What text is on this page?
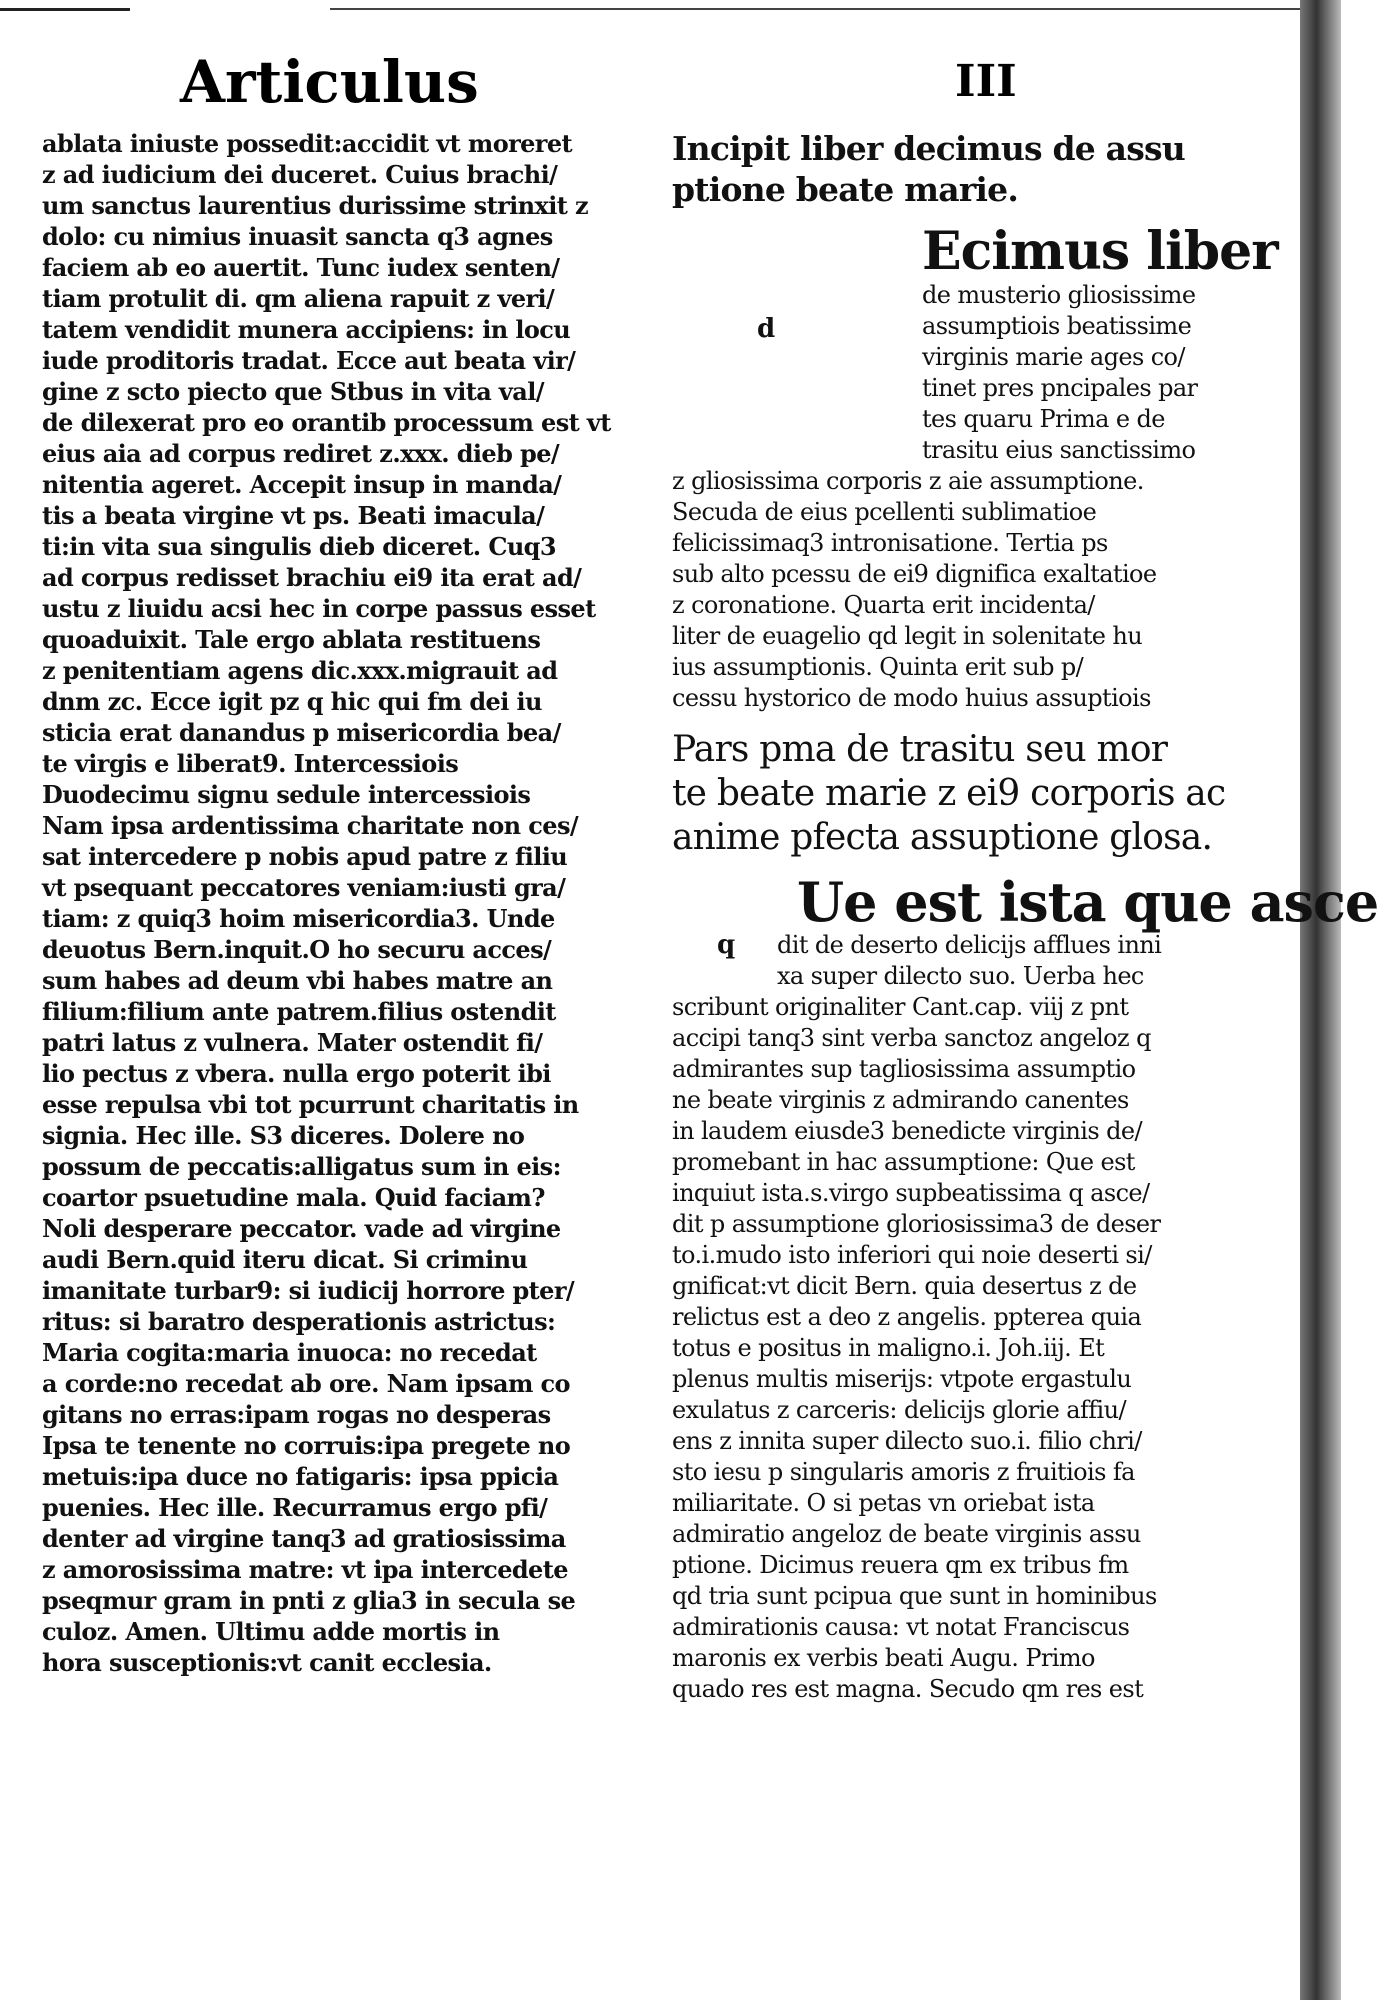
Articulus	III
ablata iniuste possedit:accidit vt moreret
z ad iudicium dei duceret. Cuius brachi/
um sanctus laurentius durissime strinxit z
dolo: cu nimius inuasit sancta q3 agnes
faciem ab eo auertit. Tunc iudex senten/
tiam protulit di. qm aliena rapuit z veri/
tatem vendidit munera accipiens: in locu
iude proditoris tradat. Ecce aut beata vir/
gine z scto piecto que Stbus in vita val/
de dilexerat pro eo orantib processum est vt
eius aia ad corpus rediret z.xxx. dieb pe/
nitentia ageret. Accepit insup in manda/
tis a beata virgine vt ps. Beati imacula/
ti:in vita sua singulis dieb diceret. Cuq3
ad corpus redisset brachiu ei9 ita erat ad/
ustu z liuidu acsi hec in corpe passus esset
quoaduixit. Tale ergo ablata restituens
z penitentiam agens dic.xxx.migrauit ad
dnm zc. Ecce igit pz q hic qui fm dei iu
sticia erat danandus p misericordia bea/
te virgis e liberat9. Intercessiois
Duodecimu signu sedule intercessiois
Nam ipsa ardentissima charitate non ces/
sat intercedere p nobis apud patre z filiu
vt psequant peccatores veniam:iusti gra/
tiam: z quiq3 hoim misericordia3. Unde
deuotus Bern.inquit.O ho securu acces/
sum habes ad deum vbi habes matre an
filium:filium ante patrem.filius ostendit
patri latus z vulnera. Mater ostendit fi/
lio pectus z vbera. nulla ergo poterit ibi
esse repulsa vbi tot pcurrunt charitatis in
signia. Hec ille. S3 diceres. Dolere no
possum de peccatis:alligatus sum in eis:
coartor psuetudine mala. Quid faciam?
Noli desperare peccator. vade ad virgine
audi Bern.quid iteru dicat. Si criminu
imanitate turbar9: si iudicij horrore pter/
ritus: si baratro desperationis astrictus:
Maria cogita:maria inuoca: no recedat
a corde:no recedat ab ore. Nam ipsam co
gitans no erras:ipam rogas no desperas
Ipsa te tenente no corruis:ipa pregete no
metuis:ipa duce no fatigaris: ipsa ppicia
puenies. Hec ille. Recurramus ergo pfi/
denter ad virgine tanq3 ad gratiosissima
z amorosissima matre: vt ipa intercedete
pseqmur gram in pnti z glia3 in secula se
culoz. Amen. Ultimu adde mortis in
hora susceptionis:vt canit ecclesia.
Incipit liber decimus de assu
ptione beate marie.
Ecimus liber
d
de musterio gliosissime
assumptiois beatissime
virginis marie ages co/
tinet pres pncipales par
tes quaru Prima e de
trasitu eius sanctissimo
z gliosissima corporis z aie assumptione.
Secuda de eius pcellenti sublimatioe
felicissimaq3 intronisatione. Tertia ps
sub alto pcessu de ei9 dignifica exaltatioe
z coronatione. Quarta erit incidenta/
liter de euagelio qd legit in solenitate hu
ius assumptionis. Quinta erit sub p/
cessu hystorico de modo huius assuptiois
Pars pma de trasitu seu mor
te beate marie z ei9 corporis ac
anime pfecta assuptione glosa.
Ue est ista que asce
q	dit de deserto delicijs afflues inni
xa super dilecto suo. Uerba hec
scribunt originaliter Cant.cap. viij z pnt
accipi tanq3 sint verba sanctoz angeloz q
admirantes sup tagliosissima assumptio
ne beate virginis z admirando canentes
in laudem eiusde3 benedicte virginis de/
promebant in hac assumptione: Que est
inquiut ista.s.virgo supbeatissima q asce/
dit p assumptione gloriosissima3 de deser
to.i.mudo isto inferiori qui noie deserti si/
gnificat:vt dicit Bern. quia desertus z de
relictus est a deo z angelis. ppterea quia
totus e positus in maligno.i. Joh.iij. Et
plenus multis miserijs: vtpote ergastulu
exulatus z carceris: delicijs glorie affiu/
ens z innita super dilecto suo.i. filio chri/
sto iesu p singularis amoris z fruitiois fa
miliaritate. O si petas vn oriebat ista
admiratio angeloz de beate virginis assu
ptione. Dicimus reuera qm ex tribus fm
qd tria sunt pcipua que sunt in hominibus
admirationis causa: vt notat Franciscus
maronis ex verbis beati Augu. Primo
quado res est magna. Secudo qm res est
